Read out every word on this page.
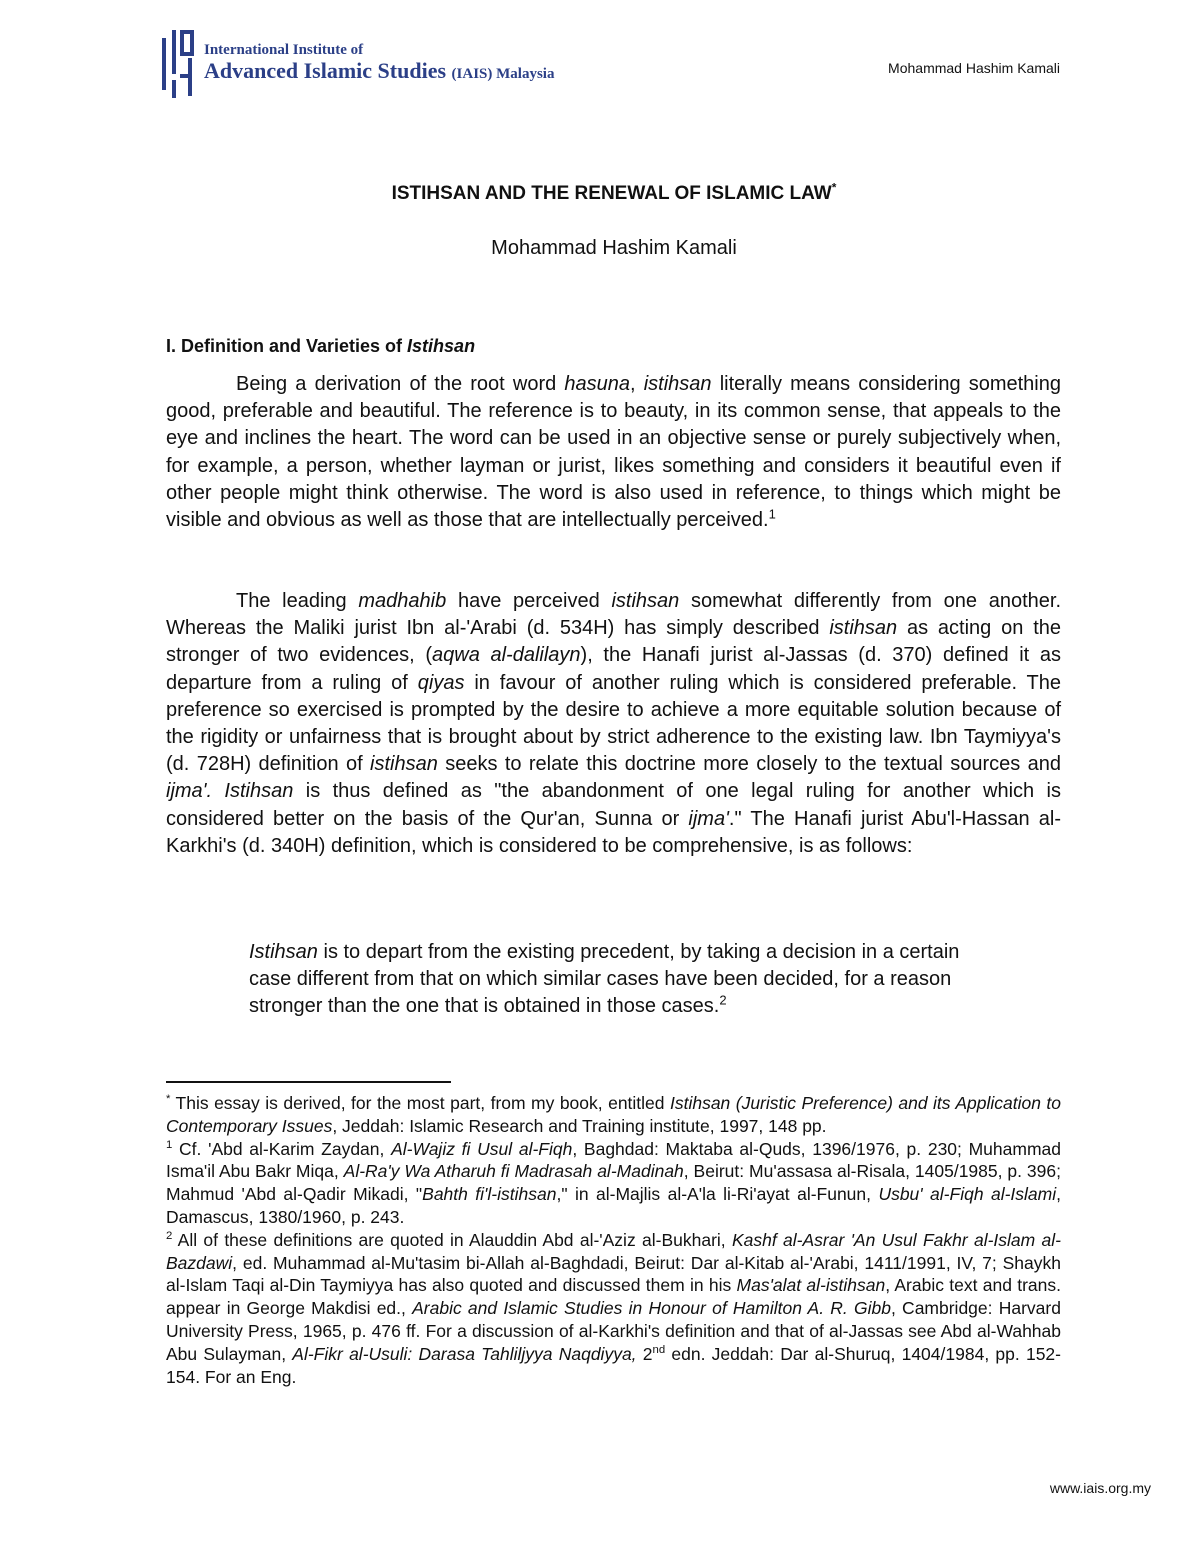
International Institute of
Advanced Islamic Studies (IAIS) Malaysia	Mohammad Hashim Kamali
ISTIHSAN AND THE RENEWAL OF ISLAMIC LAW*
Mohammad Hashim Kamali
I. Definition and Varieties of Istihsan

Being a derivation of the root word hasuna, istihsan literally means considering something good, preferable and beautiful. The reference is to beauty, in its common sense, that appeals to the eye and inclines the heart. The word can be used in an objective sense or purely subjectively when, for example, a person, whether layman or jurist, likes something and considers it beautiful even if other people might think otherwise. The word is also used in reference, to things which might be visible and obvious as well as those that are intellectually perceived.$^1$

The leading madhahib have perceived istihsan somewhat differently from one another. Whereas the Maliki jurist Ibn al-'Arabi (d. 534H) has simply described istihsan as acting on the stronger of two evidences, (aqwa al-dalilayn), the Hanafi jurist al-Jassas (d. 370) defined it as departure from a ruling of qiyas in favour of another ruling which is considered preferable. The preference so exercised is prompted by the desire to achieve a more equitable solution because of the rigidity or unfairness that is brought about by strict adherence to the existing law. Ibn Taymiyya's (d. 728H) definition of istihsan seeks to relate this doctrine more closely to the textual sources and ijma'. Istihsan is thus defined as "the abandonment of one legal ruling for another which is considered better on the basis of the Qur'an, Sunna or ijma'." The Hanafi jurist Abu'l-Hassan al-Karkhi's (d. 340H) definition, which is considered to be comprehensive, is as follows:

Istihsan is to depart from the existing precedent, by taking a decision in a certain case different from that on which similar cases have been decided, for a reason stronger than the one that is obtained in those cases.$^2$

* This essay is derived, for the most part, from my book, entitled Istihsan (Juristic Preference) and its Application to Contemporary Issues, Jeddah: Islamic Research and Training institute, 1997, 148 pp.

$^1$ Cf. 'Abd al-Karim Zaydan, Al-Wajiz fi Usul al-Fiqh, Baghdad: Maktaba al-Quds, 1396/1976, p. 230; Muhammad Isma'il Abu Bakr Miqa, Al-Ra'y Wa Atharuh fi Madrasah al-Madinah, Beirut: Mu'assasa al-Risala, 1405/1985, p. 396; Mahmud 'Abd al-Qadir Mikadi, "Bahth fi'l-istihsan," in al-Majlis al-A'la li-Ri'ayat al-Funun, Usbu' al-Fiqh al-Islami, Damascus, 1380/1960, p. 243.

$^2$ All of these definitions are quoted in Alauddin Abd al-'Aziz al-Bukhari, Kashf al-Asrar 'An Usul Fakhr al-Islam al-Bazdawi, ed. Muhammad al-Mu'tasim bi-Allah al-Baghdadi, Beirut: Dar al-Kitab al-'Arabi, 1411/1991, IV, 7; Shaykh al-Islam Taqi al-Din Taymiyya has also quoted and discussed them in his Mas'alat al-istihsan, Arabic text and trans. appear in George Makdisi ed., Arabic and Islamic Studies in Honour of Hamilton A. R. Gibb, Cambridge: Harvard University Press, 1965, p. 476 ff. For a discussion of al-Karkhi's definition and that of al-Jassas see Abd al-Wahhab Abu Sulayman, Al-Fikr al-Usuli: Darasa Tahliljyya Naqdiyya, 2nd edn. Jeddah: Dar al-Shuruq, 1404/1984, pp. 152-154. For an Eng.

www.iais.org.my
